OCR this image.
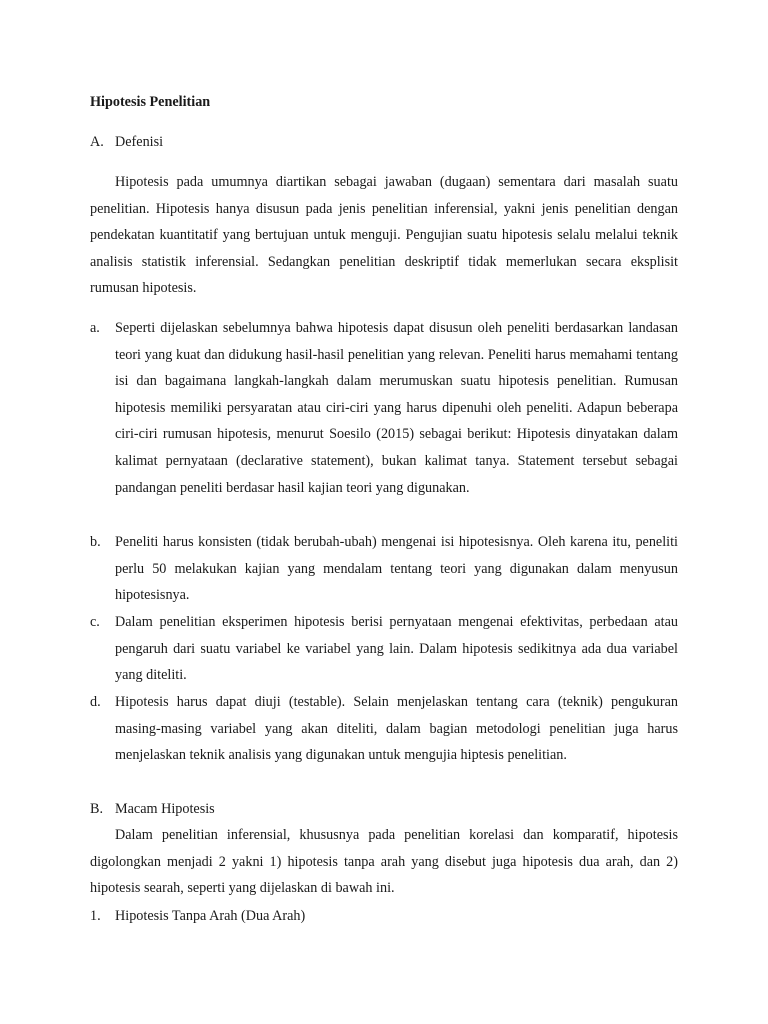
Hipotesis Penelitian
A. Defenisi

Hipotesis pada umumnya diartikan sebagai jawaban (dugaan) sementara dari masalah suatu penelitian. Hipotesis hanya disusun pada jenis penelitian inferensial, yakni jenis penelitian dengan pendekatan kuantitatif yang bertujuan untuk menguji. Pengujian suatu hipotesis selalu melalui teknik analisis statistik inferensial. Sedangkan penelitian deskriptif tidak memerlukan secara eksplisit rumusan hipotesis.

a. Seperti dijelaskan sebelumnya bahwa hipotesis dapat disusun oleh peneliti berdasarkan landasan teori yang kuat dan didukung hasil-hasil penelitian yang relevan. Peneliti harus memahami tentang isi dan bagaimana langkah-langkah dalam merumuskan suatu hipotesis penelitian. Rumusan hipotesis memiliki persyaratan atau ciri-ciri yang harus dipenuhi oleh peneliti. Adapun beberapa ciri-ciri rumusan hipotesis, menurut Soesilo (2015) sebagai berikut: Hipotesis dinyatakan dalam kalimat pernyataan (declarative statement), bukan kalimat tanya. Statement tersebut sebagai pandangan peneliti berdasar hasil kajian teori yang digunakan.
b. Peneliti harus konsisten (tidak berubah-ubah) mengenai isi hipotesisnya. Oleh karena itu, peneliti perlu 50 melakukan kajian yang mendalam tentang teori yang digunakan dalam menyusun hipotesisnya.
c. Dalam penelitian eksperimen hipotesis berisi pernyataan mengenai efektivitas, perbedaan atau pengaruh dari suatu variabel ke variabel yang lain. Dalam hipotesis sedikitnya ada dua variabel yang diteliti.
d. Hipotesis harus dapat diuji (testable). Selain menjelaskan tentang cara (teknik) pengukuran masing-masing variabel yang akan diteliti, dalam bagian metodologi penelitian juga harus menjelaskan teknik analisis yang digunakan untuk mengujia hiptesis penelitian.
B. Macam Hipotesis

Dalam penelitian inferensial, khususnya pada penelitian korelasi dan komparatif, hipotesis digolongkan menjadi 2 yakni 1) hipotesis tanpa arah yang disebut juga hipotesis dua arah, dan 2) hipotesis searah, seperti yang dijelaskan di bawah ini.

1. Hipotesis Tanpa Arah (Dua Arah)
